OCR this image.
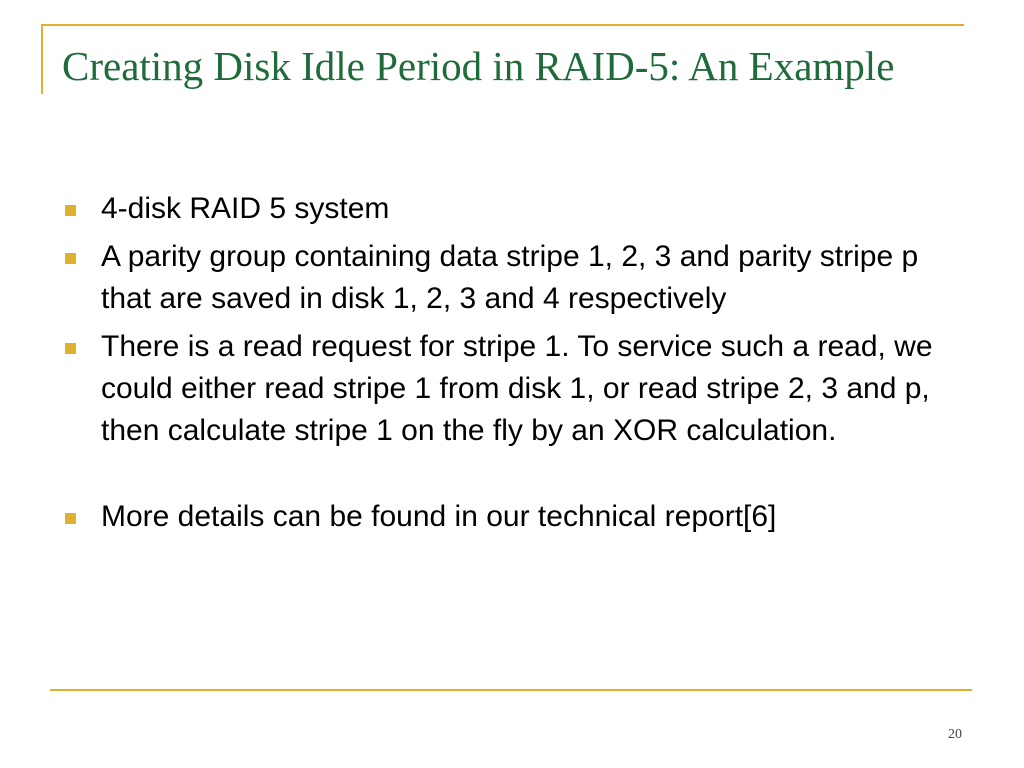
Creating Disk Idle Period in RAID-5: An Example
4-disk RAID 5 system
A parity group containing data stripe 1, 2, 3 and parity stripe p that are saved in disk 1, 2, 3 and 4 respectively
There is a read request for stripe 1. To service such a read, we could either read stripe 1 from disk 1, or read stripe 2, 3 and p, then calculate stripe 1 on the fly by an XOR calculation.
More details can be found in our technical report[6]
20
